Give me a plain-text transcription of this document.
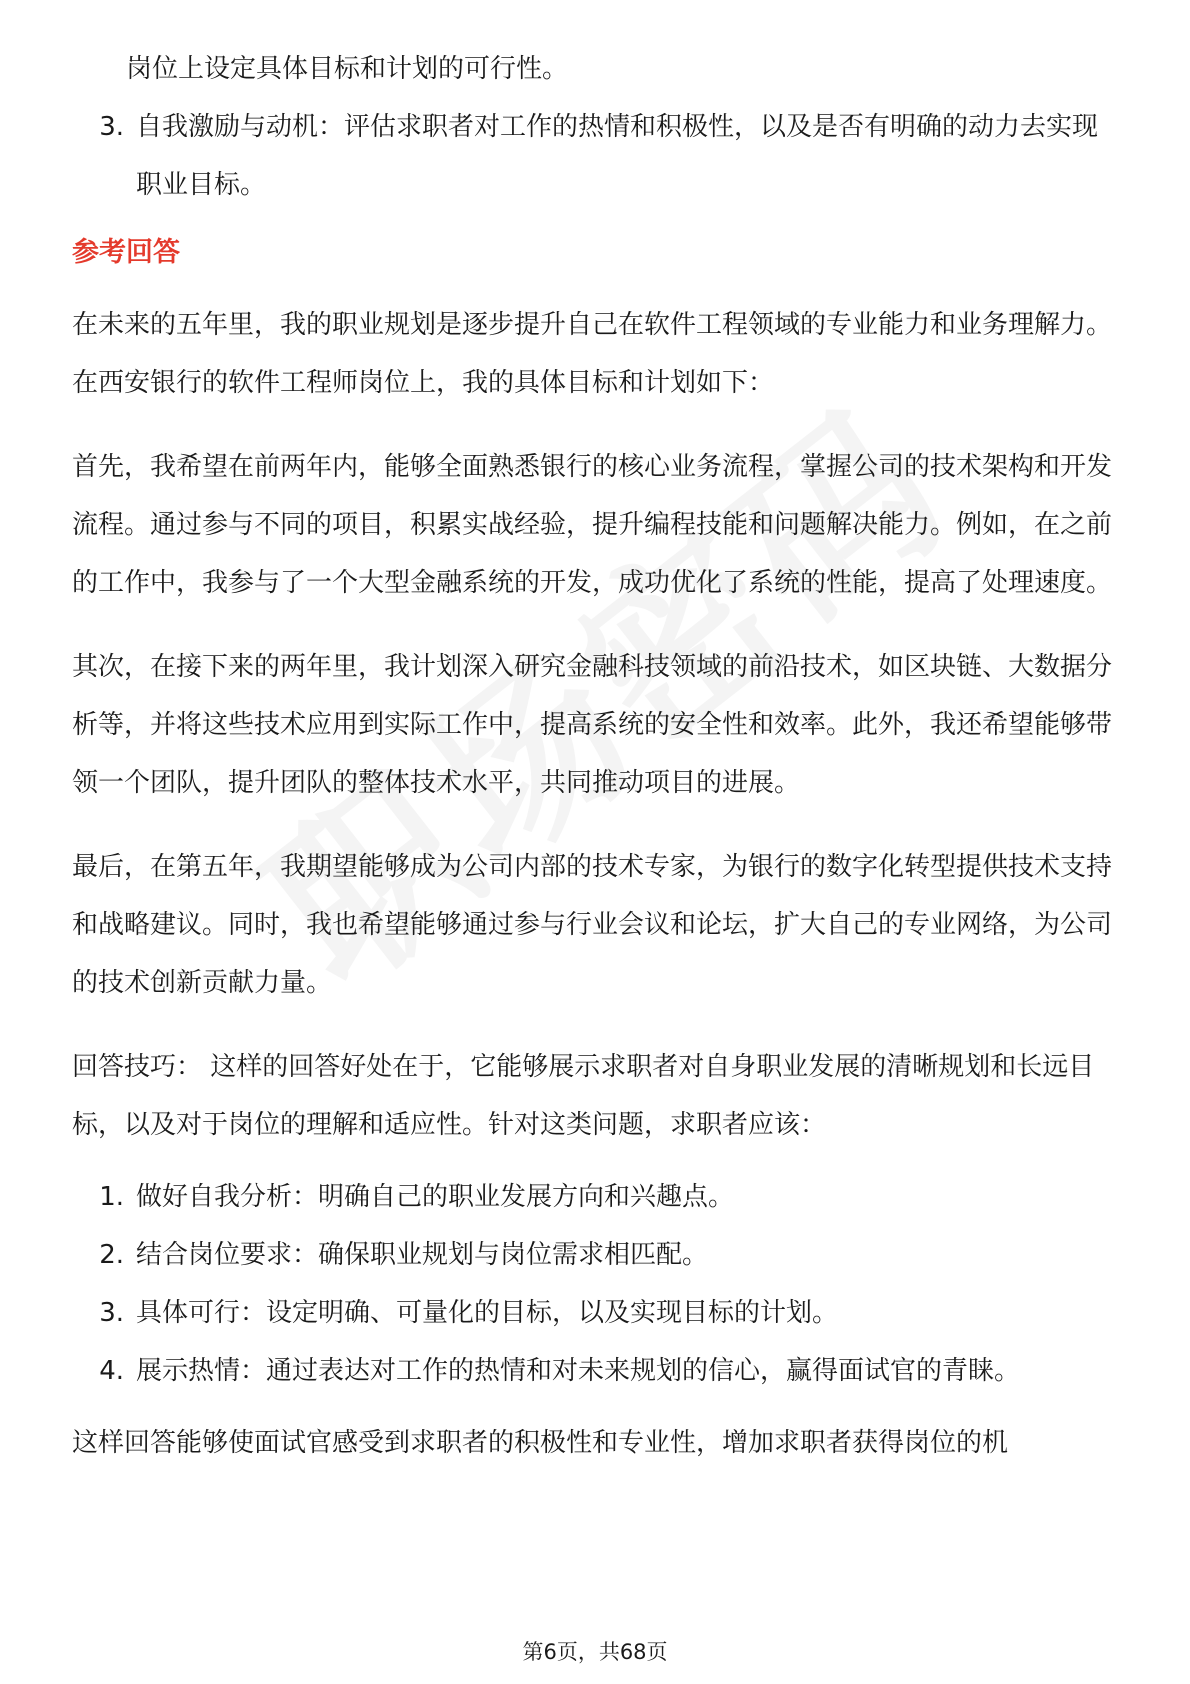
岗位上设定具体目标和计划的可行性。

3. 自我激励与动机：评估求职者对工作的热情和积极性，以及是否有明确的动力去实现职业目标。

参考回答

在未来的五年里，我的职业规划是逐步提升自己在软件工程领域的专业能力和业务理解力。在西安银行的软件工程师岗位上，我的具体目标和计划如下：

首先，我希望在前两年内，能够全面熟悉银行的核心业务流程，掌握公司的技术架构和开发流程。通过参与不同的项目，积累实战经验，提升编程技能和问题解决能力。例如，在之前的工作中，我参与了一个大型金融系统的开发，成功优化了系统的性能，提高了处理速度。

其次，在接下来的两年里，我计划深入研究金融科技领域的前沿技术，如区块链、大数据分析等，并将这些技术应用到实际工作中，提高系统的安全性和效率。此外，我还希望能够带领一个团队，提升团队的整体技术水平，共同推动项目的进展。

最后，在第五年，我期望能够成为公司内部的技术专家，为银行的数字化转型提供技术支持和战略建议。同时，我也希望能够通过参与行业会议和论坛，扩大自己的专业网络，为公司的技术创新贡献力量。

回答技巧： 这样的回答好处在于，它能够展示求职者对自身职业发展的清晰规划和长远目标，以及对于岗位的理解和适应性。针对这类问题，求职者应该：

1. 做好自我分析：明确自己的职业发展方向和兴趣点。
2. 结合岗位要求：确保职业规划与岗位需求相匹配。
3. 具体可行：设定明确、可量化的目标，以及实现目标的计划。
4. 展示热情：通过表达对工作的热情和对未来规划的信心，赢得面试官的青睐。

这样回答能够使面试官感受到求职者的积极性和专业性，增加求职者获得岗位的机

第6页，共68页
